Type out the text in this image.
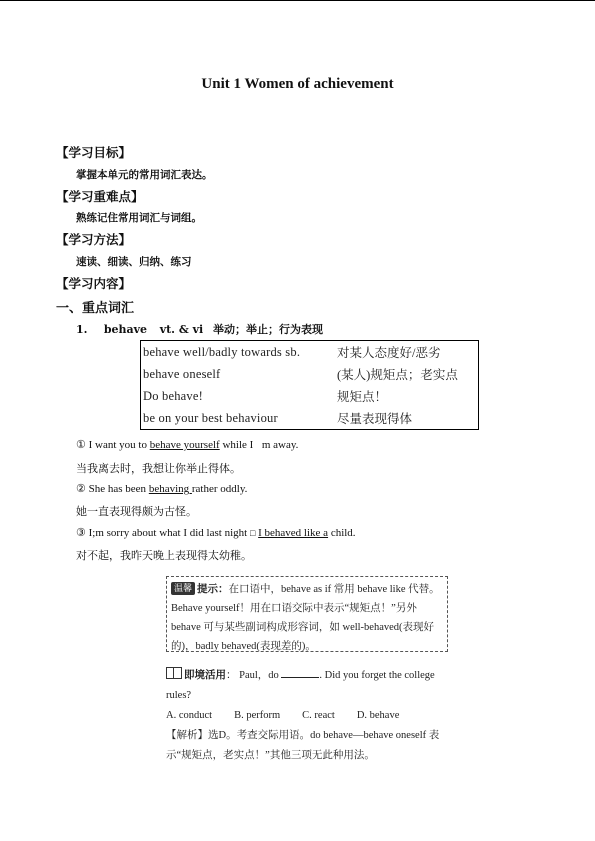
Unit 1 Women of achievement
【学习目标】
掌握本单元的常用词汇表达。
【学习重难点】
熟练记住常用词汇与词组。
【学习方法】
速读、细读、归纳、练习
【学习内容】
一、重点词汇
1. behave vt. & vi 举动；举止；行为表现
behave well/badly towards sb.	对某人态度好/恶劣
behave oneself	(某人)规矩点；老实点
Do behave!	规矩点！
be on your best behaviour	尽量表现得体
① I want you to behave yourself while I m away.
当我离去时，我想让你举止得体。
② She has been behaving rather oddly.
她一直表现得颇为古怪。
③ I;m sorry about what I did last night □ I behaved like a child.
对不起，我昨天晚上表现得太幼稚。
温馨 提示：在口语中，behave as if 常用 behave like 代替。Behave yourself！用在口语交际中表示“规矩点！”另外 behave 可与某些副词构成形容词，如 well-behaved(表现好的)，badly behaved(表现差的)。
即境活用： Paul，do	. Did you forget the college rules?
A. conduct B. perform C. react D. behave
【解析】选D。考查交际用语。do behave—behave oneself 表示“规矩点，老实点！”其他三项无此种用法。
